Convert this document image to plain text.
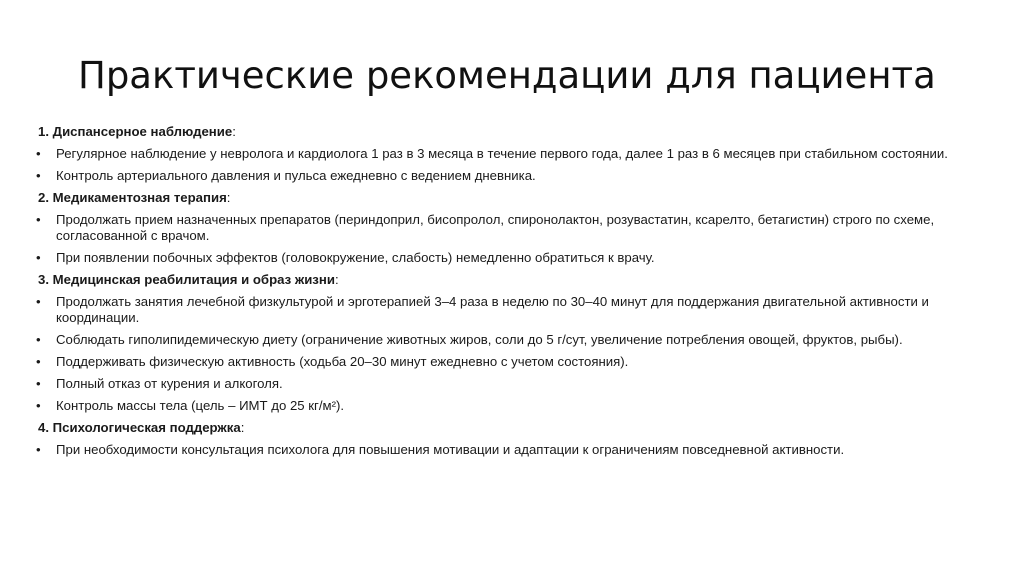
Практические рекомендации для пациента
1. Диспансерное наблюдение:
•	Регулярное наблюдение у невролога и кардиолога 1 раз в 3 месяца в течение первого года, далее 1 раз в 6 месяцев при стабильном состоянии.
•	Контроль артериального давления и пульса ежедневно с ведением дневника.
2. Медикаментозная терапия:
•	Продолжать прием назначенных препаратов (периндоприл, бисопролол, спиронолактон, розувастатин, ксарелто, бетагистин) строго по схеме, согласованной с врачом.
•	При появлении побочных эффектов (головокружение, слабость) немедленно обратиться к врачу.
3. Медицинская реабилитация и образ жизни:
•	Продолжать занятия лечебной физкультурой и эрготерапией 3–4 раза в неделю по 30–40 минут для поддержания двигательной активности и координации.
•	Соблюдать гиполипидемическую диету (ограничение животных жиров, соли до 5 г/сут, увеличение потребления овощей, фруктов, рыбы).
•	Поддерживать физическую активность (ходьба 20–30 минут ежедневно с учетом состояния).
•	Полный отказ от курения и алкоголя.
•	Контроль массы тела (цель – ИМТ до 25 кг/м²).
4. Психологическая поддержка:
•	При необходимости консультация психолога для повышения мотивации и адаптации к ограничениям повседневной активности.
